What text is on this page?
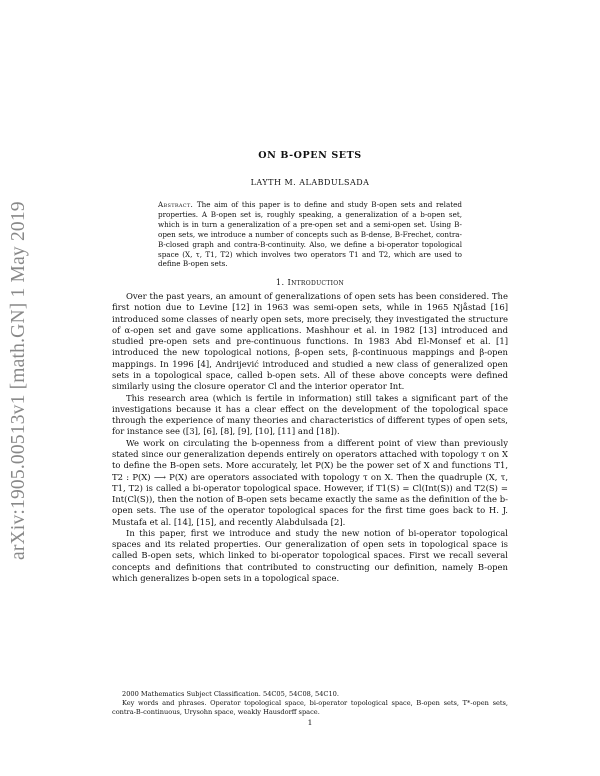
arXiv:1905.00513v1 [math.GN] 1 May 2019
ON B-OPEN SETS
LAYTH M. ALABDULSADA
Abstract. The aim of this paper is to define and study B-open sets and related properties. A B-open set is, roughly speaking, a generalization of a b-open set, which is in turn a generalization of a pre-open set and a semi-open set. Using B-open sets, we introduce a number of concepts such as B-dense, B-Frechet, contra-B-closed graph and contra-B-continuity. Also, we define a bi-operator topological space (X, τ, T1, T2) which involves two operators T1 and T2, which are used to define B-open sets.
1. Introduction

Over the past years, an amount of generalizations of open sets has been considered. The first notion due to Levine [12] in 1963 was semi-open sets, while in 1965 Njåstad [16] introduced some classes of nearly open sets, more precisely, they investigated the structure of α-open set and gave some applications. Mashhour et al. in 1982 [13] introduced and studied pre-open sets and pre-continuous functions. In 1983 Abd El-Monsef et al. [1] introduced the new topological notions, β-open sets, β-continuous mappings and β-open mappings. In 1996 [4], Andrijević introduced and studied a new class of generalized open sets in a topological space, called b-open sets. All of these above concepts were defined similarly using the closure operator Cl and the interior operator Int.

This research area (which is fertile in information) still takes a significant part of the investigations because it has a clear effect on the development of the topological space through the experience of many theories and characteristics of different types of open sets, for instance see ([3], [6], [8], [9], [10], [11] and [18]).

We work on circulating the b-openness from a different point of view than previously stated since our generalization depends entirely on operators attached with topology τ on X to define the B-open sets. More accurately, let P(X) be the power set of X and functions T1, T2 : P(X) ⟶ P(X) are operators associated with topology τ on X. Then the quadruple (X, τ, T1, T2) is called a bi-operator topological space. However, if T1(S) = Cl(Int(S)) and T2(S) = Int(Cl(S)), then the notion of B-open sets became exactly the same as the definition of the b-open sets. The use of the operator topological spaces for the first time goes back to H. J. Mustafa et al. [14], [15], and recently Alabdulsada [2].

In this paper, first we introduce and study the new notion of bi-operator topological spaces and its related properties. Our generalization of open sets in topological space is called B-open sets, which linked to bi-operator topological spaces. First we recall several concepts and definitions that contributed to constructing our definition, namely B-open which generalizes b-open sets in a topological space.

2000 Mathematics Subject Classification. 54C05, 54C08, 54C10.

Key words and phrases. Operator topological space, bi-operator topological space, B-open sets, T*-open sets, contra-B-continuous, Urysohn space, weakly Hausdorff space.

1
